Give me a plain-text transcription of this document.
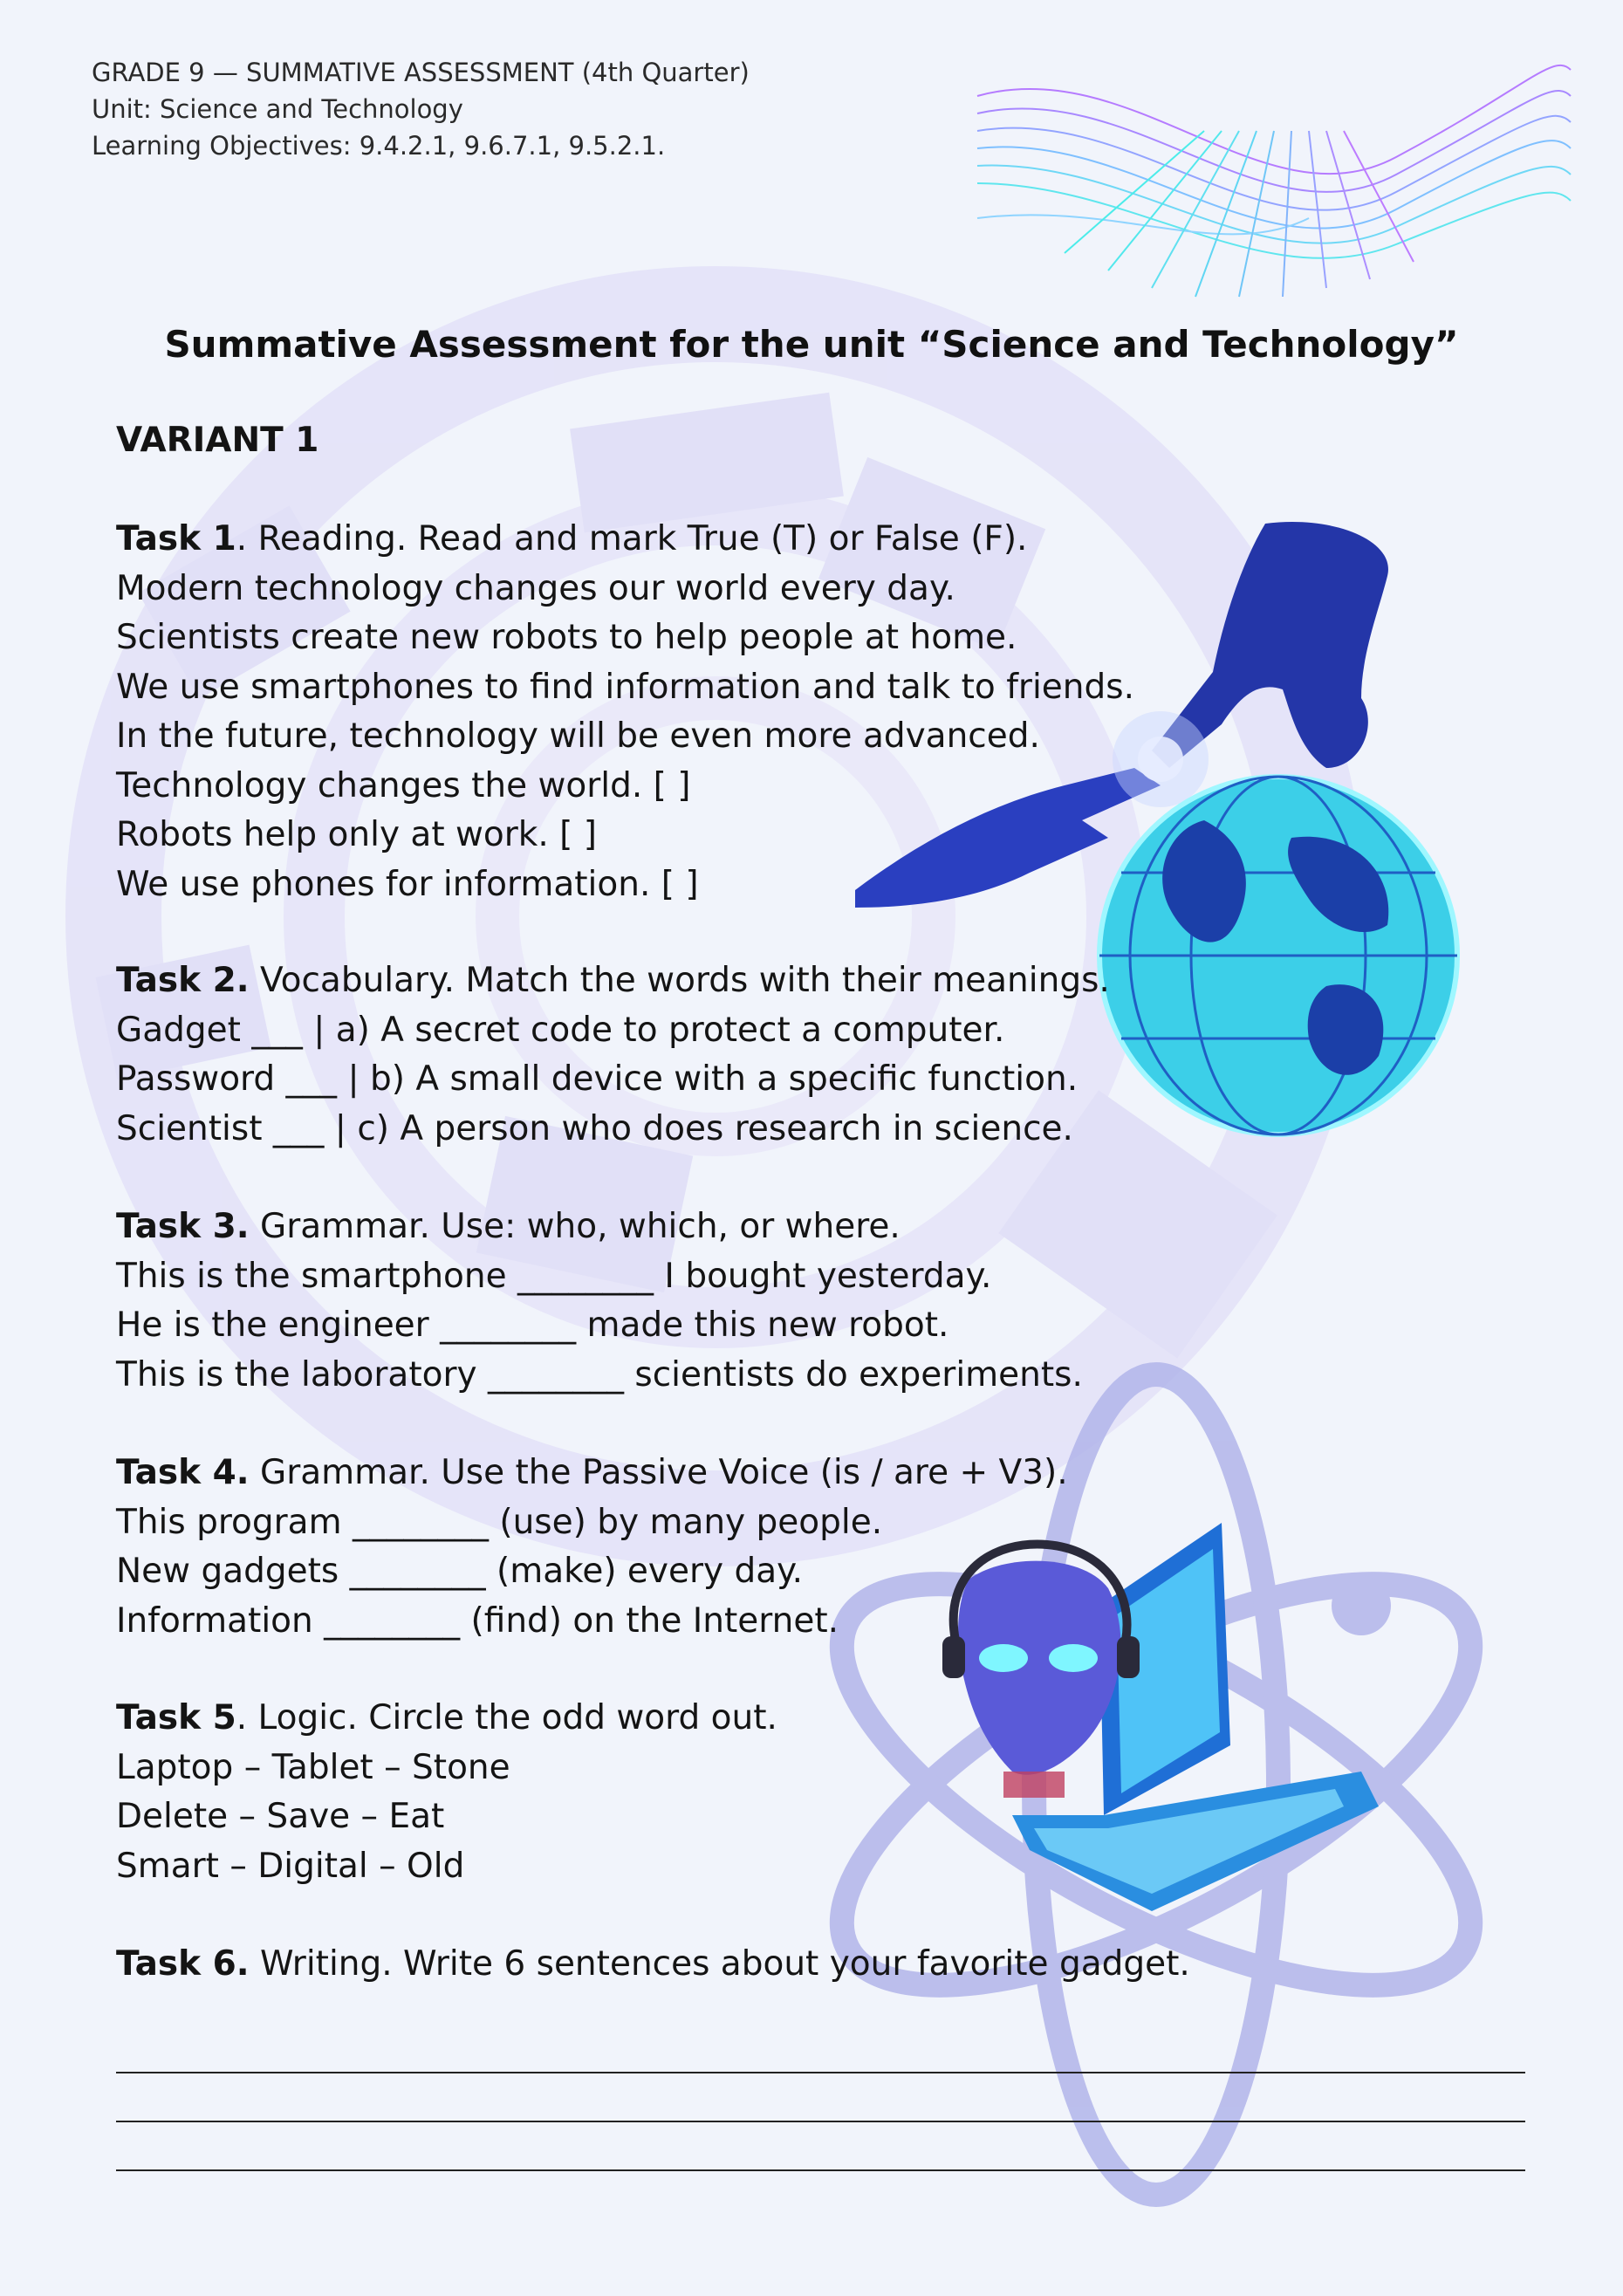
GRADE 9 — SUMMATIVE ASSESSMENT (4th Quarter)
Unit: Science and Technology
Learning Objectives: 9.4.2.1, 9.6.7.1, 9.5.2.1.
Summative Assessment for the unit “Science and Technology”
VARIANT 1
Task 1. Reading. Read and mark True (T) or False (F).
Modern technology changes our world every day.
Scientists create new robots to help people at home.
We use smartphones to find information and talk to friends.
In the future, technology will be even more advanced.
Technology changes the world. [ ]
Robots help only at work. [ ]
We use phones for information. [ ]
Task 2. Vocabulary. Match the words with their meanings.
Gadget ___ | a) A secret code to protect a computer.
Password ___ | b) A small device with a specific function.
Scientist ___ | c) A person who does research in science.
Task 3. Grammar. Use: who, which, or where.
This is the smartphone ________ I bought yesterday.
He is the engineer ________ made this new robot.
This is the laboratory ________ scientists do experiments.
Task 4. Grammar. Use the Passive Voice (is / are + V3).
This program ________ (use) by many people.
New gadgets ________ (make) every day.
Information ________ (find) on the Internet.
Task 5. Logic. Circle the odd word out.
Laptop – Tablet – Stone
Delete – Save – Eat
Smart – Digital – Old
Task 6. Writing. Write 6 sentences about your favorite gadget.
